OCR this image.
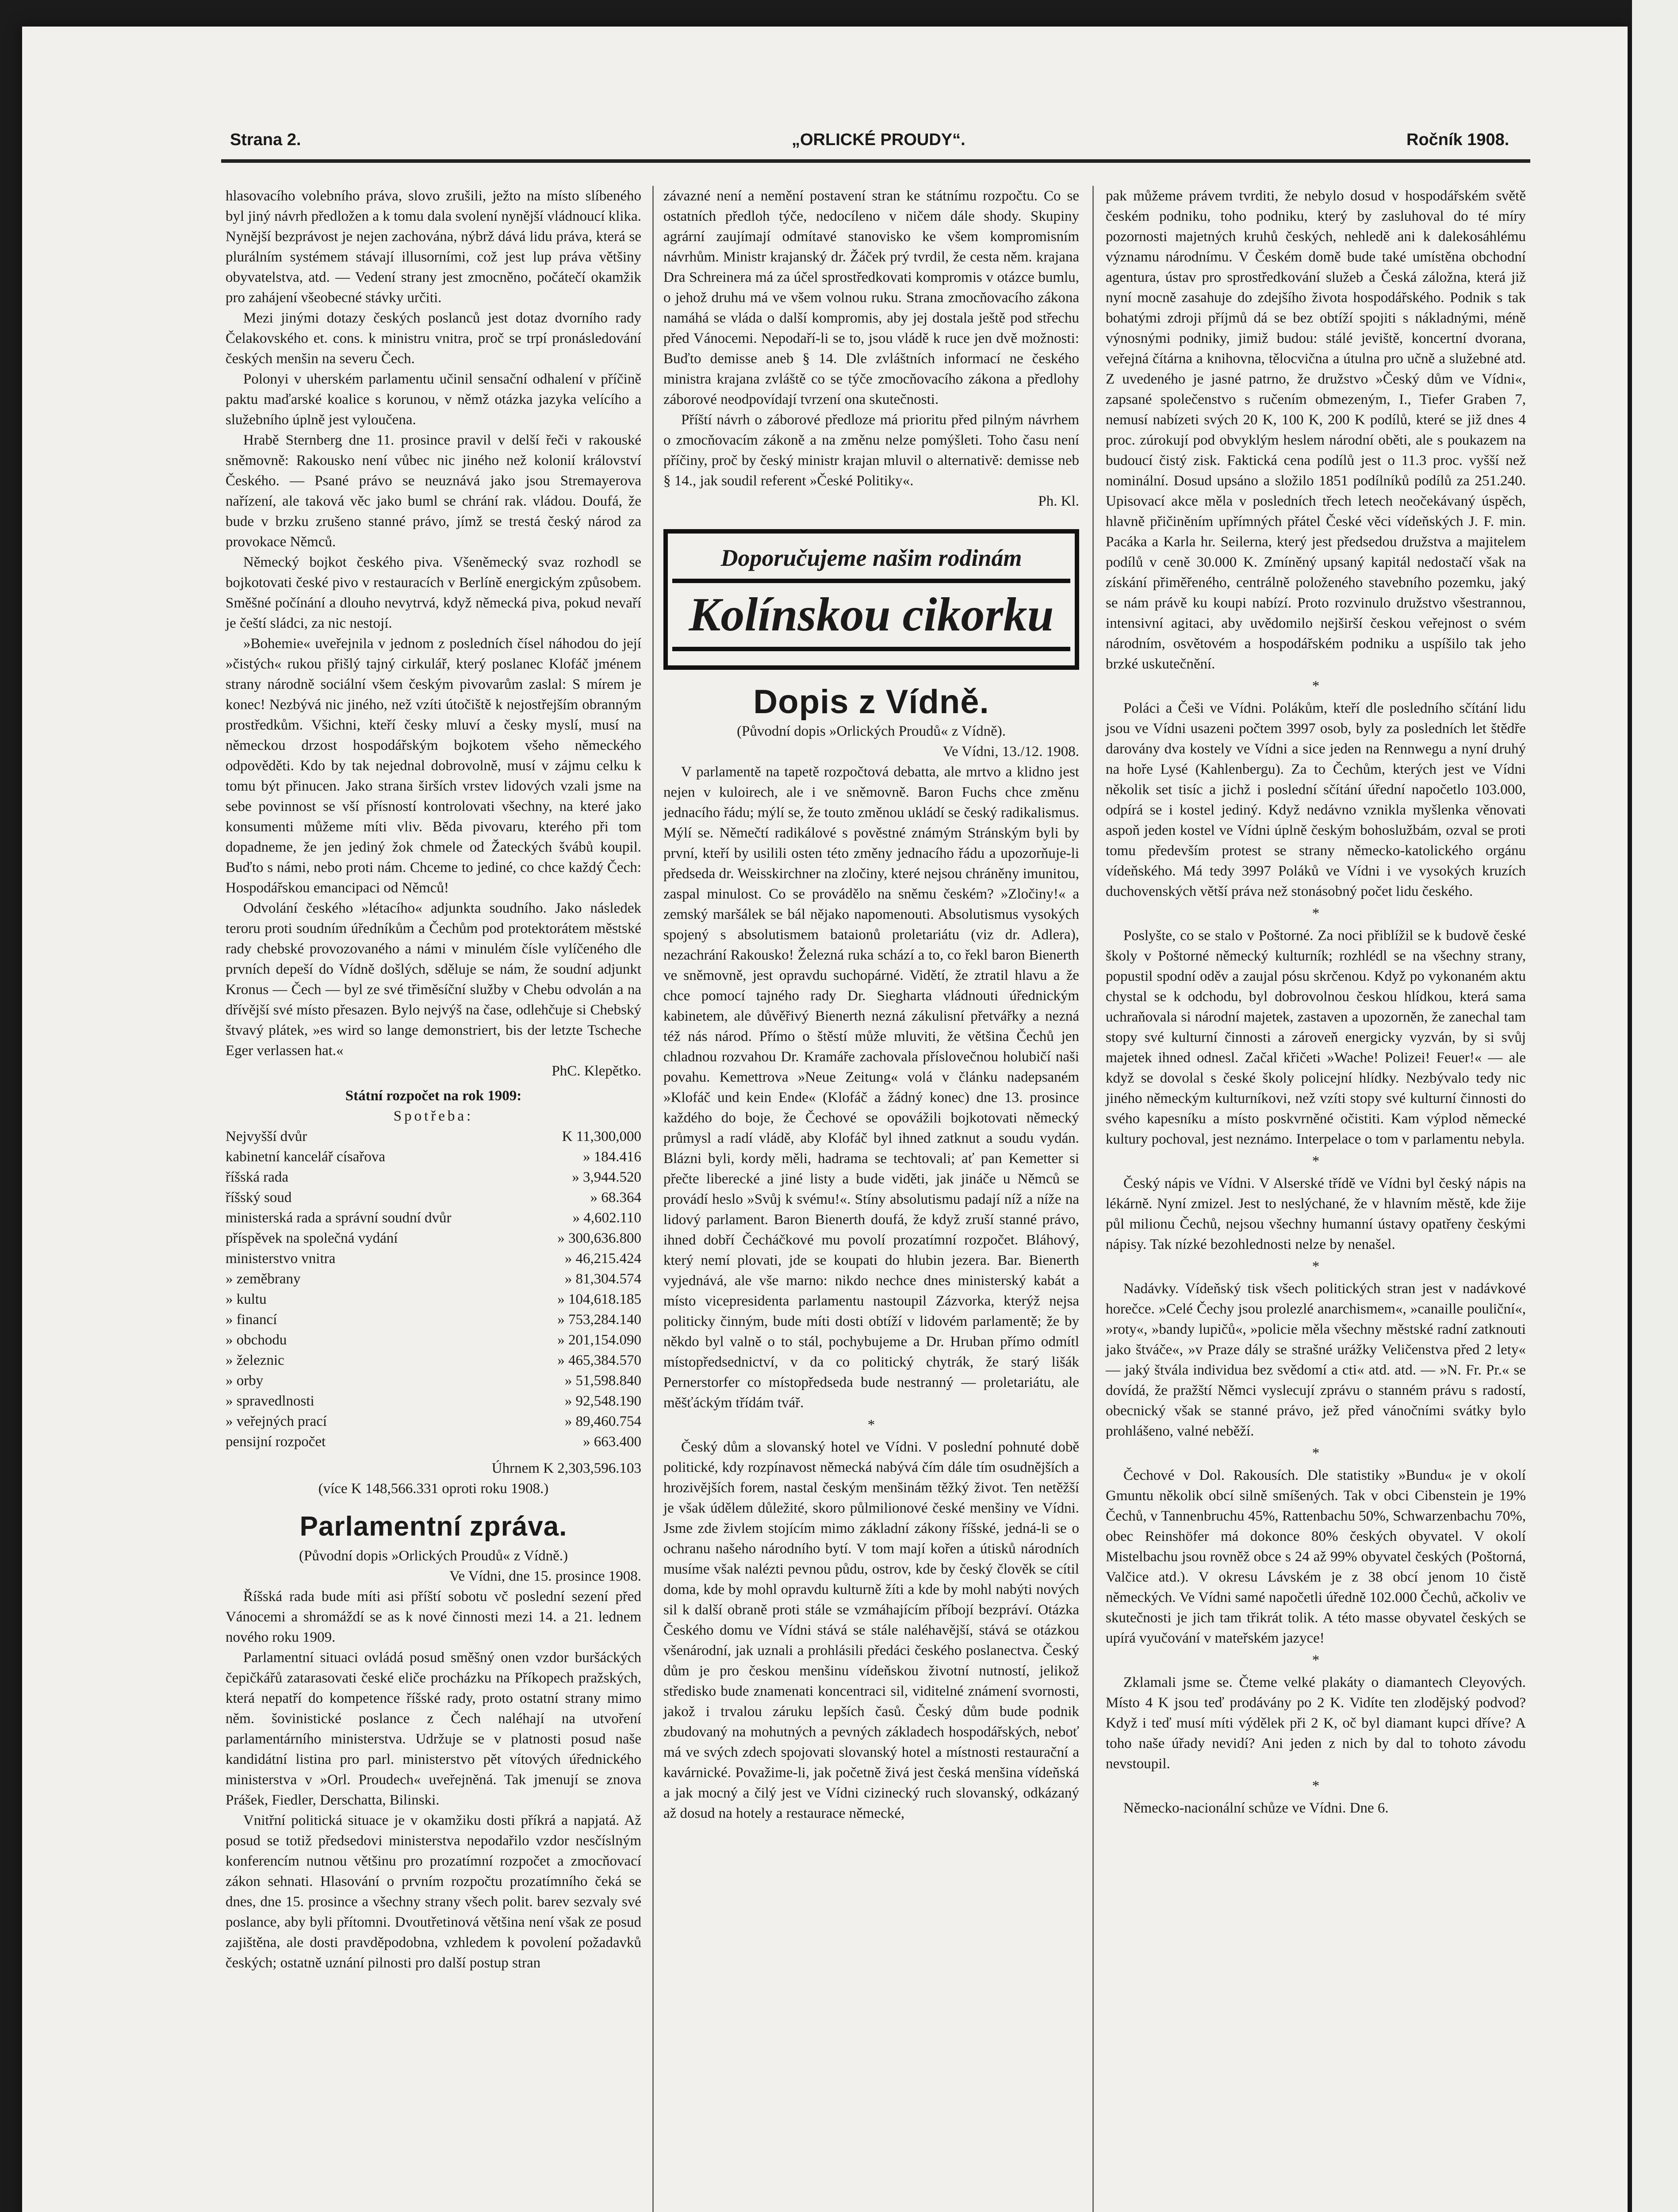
Strana 2.	„ORLICKÉ PROUDY“.	Ročník 1908.

hlasovacího volebního práva, slovo zrušili, ježto na místo slíbeného byl jiný návrh předložen a k tomu dala svolení nynější vládnoucí klika. Nynější bezprávost je nejen zachována, nýbrž dává lidu práva, která se plurálním systémem stávají illusorními, což jest lup práva většiny obyvatelstva, atd. — Vedení strany jest zmocněno, počátečí okamžik pro zahájení všeobecné stávky určiti.

Mezi jinými dotazy českých poslanců jest dotaz dvorního rady Čelakovského et. cons. k ministru vnitra, proč se trpí pronásledování českých menšin na severu Čech.

Polonyi v uherském parlamentu učinil sensační odhalení v příčině paktu maďarské koalice s korunou, v němž otázka jazyka velícího a služebního úplně jest vyloučena.

Hrabě Sternberg dne 11. prosince pravil v delší řeči v rakouské sněmovně: Rakousko není vůbec nic jiného než kolonií království Českého. — Psané právo se neuznává jako jsou Stremayerova nařízení, ale taková věc jako buml se chrání rak. vládou. Doufá, že bude v brzku zrušeno stanné právo, jímž se trestá český národ za provokace Němců.

Německý bojkot českého piva. Všeněmecký svaz rozhodl se bojkotovati české pivo v restauracích v Berlíně energickým způsobem. Směšné počínání a dlouho nevytrvá, když německá piva, pokud nevaří je čeští sládci, za nic nestojí.

»Bohemie« uveřejnila v jednom z posledních čísel náhodou do její »čistých« rukou přišlý tajný cirkulář, který poslanec Klofáč jménem strany národně sociální všem českým pivovarům zaslal: S mírem je konec! Nezbývá nic jiného, než vzíti útočiště k nejostřejším obranným prostředkům. Všichni, kteří česky mluví a česky myslí, musí na německou drzost hospodářským bojkotem všeho německého odpověděti. Kdo by tak nejednal dobrovolně, musí v zájmu celku k tomu být přinucen. Jako strana širších vrstev lidových vzali jsme na sebe povinnost se vší přísností kontrolovati všechny, na které jako konsumenti můžeme míti vliv. Běda pivovaru, kterého při tom dopadneme, že jen jediný žok chmele od Žateckých švábů koupil. Buďto s námi, nebo proti nám. Chceme to jediné, co chce každý Čech: Hospodářskou emancipaci od Němců!

Odvolání českého »létacího« adjunkta soudního. Jako následek teroru proti soudním úředníkům a Čechům pod protektorátem městské rady chebské provozovaného a námi v minulém čísle vylíčeného dle prvních depeší do Vídně došlých, sděluje se nám, že soudní adjunkt Kronus — Čech — byl ze své třiměsíční služby v Chebu odvolán a na dřívější své místo přesazen. Bylo nejvýš na čase, odlehčuje si Chebský štvavý plátek, »es wird so lange demonstriert, bis der letzte Tscheche Eger verlassen hat.«

PhC. Klepětko.
Státní rozpočet na rok 1909:
Spotřeba:
Nejvyšší dvůr	K 11,300,000
kabinetní kancelář císařova	» 184.416
říšská rada	» 3,944.520
říšský soud	» 68.364
ministerská rada a správní soudní dvůr	» 4,602.110
příspěvek na společná vydání	» 300,636.800
ministerstvo vnitra	» 46,215.424
» zeměbrany	» 81,304.574
» kultu	» 104,618.185
» financí	» 753,284.140
» obchodu	» 201,154.090
» železnic	» 465,384.570
» orby	» 51,598.840
» spravedlnosti	» 92,548.190
» veřejných prací	» 89,460.754
pensijní rozpočet	» 663.400
Úhrnem K 2,303,596.103
(více K 148,566.331 oproti roku 1908.)
Parlamentní zpráva.
(Původní dopis »Orlických Proudů« z Vídně.)
Ve Vídni, dne 15. prosince 1908.

Říšská rada bude míti asi příští sobotu vč poslední sezení před Vánocemi a shromáždí se as k nové činnosti mezi 14. a 21. lednem nového roku 1909.

Parlamentní situaci ovládá posud směšný onen vzdor buršáckých čepičkářů zatarasovati české eliče procházku na Příkopech pražských, která nepatří do kompetence říšské rady, proto ostatní strany mimo něm. šovinistické poslance z Čech naléhají na utvoření parlamentárního ministerstva. Udržuje se v platnosti posud naše kandidátní listina pro parl. ministerstvo pět vítových úřednického ministerstva v »Orl. Proudech« uveřejněná. Tak jmenují se znova Prášek, Fiedler, Derschatta, Bilinski.

Vnitřní politická situace je v okamžiku dosti příkrá a napjatá. Až posud se totiž předsedovi ministerstva nepodařilo vzdor nesčíslným konferencím nutnou většinu pro prozatímní rozpočet a zmocňovací zákon sehnati. Hlasování o prvním rozpočtu prozatímního čeká se dnes, dne 15. prosince a všechny strany všech polit. barev sezvaly své poslance, aby byli přítomni. Dvoutřetinová většina není však ze posud zajištěna, ale dosti pravděpodobna, vzhledem k povolení požadavků českých; ostatně uznání pilnosti pro další postup stran

závazné není a nemění postavení stran ke státnímu rozpočtu. Co se ostatních předloh týče, nedocíleno v ničem dále shody. Skupiny agrární zaujímají odmítavé stanovisko ke všem kompromisním návrhům. Ministr krajanský dr. Žáček prý tvrdil, že cesta něm. krajana Dra Schreinera má za účel sprostředkovati kompromis v otázce bumlu, o jehož druhu má ve všem volnou ruku. Strana zmocňovacího zákona namáhá se vláda o další kompromis, aby jej dostala ještě pod střechu před Vánocemi. Nepodaří-li se to, jsou vládě k ruce jen dvě možnosti: Buďto demisse aneb § 14. Dle zvláštních informací ne českého ministra krajana zvláště co se týče zmocňovacího zákona a předlohy záborové neodpovídají tvrzení ona skutečnosti.

Příští návrh o záborové předloze má prioritu před pilným návrhem o zmocňovacím zákoně a na změnu nelze pomýšleti. Toho času není příčiny, proč by český ministr krajan mluvil o alternativě: demisse neb § 14., jak soudil referent »České Politiky«.

Ph. Kl.
Doporučujeme našim rodinám
Kolínskou cikorku
Dopis z Vídně.
(Původní dopis »Orlických Proudů« z Vídně).
Ve Vídni, 13./12. 1908.

V parlamentě na tapetě rozpočtová debatta, ale mrtvo a klidno jest nejen v kuloirech, ale i ve sněmovně. Baron Fuchs chce změnu jednacího řádu; mýlí se, že touto změnou ukládí se český radikalismus. Mýlí se. Němečtí radikálové s pověstné známým Stránským byli by první, kteří by usilili osten této změny jednacího řádu a upozorňuje-li předseda dr. Weisskirchner na zločiny, které nejsou chráněny imunitou, zaspal minulost. Co se provádělo na sněmu českém? »Zločiny!« a zemský maršálek se bál nějako napomenouti. Absolutismus vysokých spojený s absolutismem bataionů proletariátu (viz dr. Adlera), nezachrání Rakousko! Železná ruka schází a to, co řekl baron Bienerth ve sněmovně, jest opravdu suchopárné. Vidětí, že ztratil hlavu a že chce pomocí tajného rady Dr. Siegharta vládnouti úřednickým kabinetem, ale důvěřivý Bienerth nezná zákulisní přetvářky a nezná též nás národ. Přímo o štěstí může mluviti, že většina Čechů jen chladnou rozvahou Dr. Kramáře zachovala příslovečnou holubičí naši povahu. Kemettrova »Neue Zeitung« volá v článku nadepsaném »Klofáč und kein Ende« (Klofáč a žádný konec) dne 13. prosince každého do boje, že Čechové se opovážili bojkotovati německý průmysl a radí vládě, aby Klofáč byl ihned zatknut a soudu vydán. Blázni byli, kordy měli, hadrama se techtovali; ať pan Kemetter si přečte liberecké a jiné listy a bude viděti, jak jináče u Němců se provádí heslo »Svůj k svému!«. Stíny absolutismu padají níž a níže na lidový parlament. Baron Bienerth doufá, že když zruší stanné právo, ihned dobří Čecháčkové mu povolí prozatímní rozpočet. Bláhový, který nemí plovati, jde se koupati do hlubin jezera. Bar. Bienerth vyjednává, ale vše marno: nikdo nechce dnes ministerský kabát a místo vicepresidenta parlamentu nastoupil Zázvorka, kterýž nejsa politicky činným, bude míti dosti obtíží v lidovém parlamentě; že by někdo byl valně o to stál, pochybujeme a Dr. Hruban přímo odmítl místopředsednictví, v da co politický chytrák, že starý lišák Pernerstorfer co místopředseda bude nestranný — proletariátu, ale měšťáckým třídám tvář.

*

Český dům a slovanský hotel ve Vídni. V poslední pohnuté době politické, kdy rozpínavost německá nabývá čím dále tím osudnějších a hrozivějších forem, nastal českým menšinám těžký život. Ten netěžší je však údělem důležité, skoro půlmilionové české menšiny ve Vídni. Jsme zde živlem stojícím mimo základní zákony říšské, jedná-li se o ochranu našeho národního bytí. V tom mají kořen a útisků národních musíme však nalézti pevnou půdu, ostrov, kde by český člověk se cítil doma, kde by mohl opravdu kulturně žíti a kde by mohl nabýti nových sil k další obraně proti stále se vzmáhajícím příbojí bezpráví. Otázka Českého domu ve Vídni stává se stále naléhavější, stává se otázkou všenárodní, jak uznali a prohlásili předáci českého poslanectva. Český dům je pro českou menšinu vídeňskou životní nutností, jelikož středisko bude znamenati koncentraci sil, viditelné známení svornosti, jakož i trvalou záruku lepších časů. Český dům bude podnik zbudovaný na mohutných a pevných základech hospodářských, neboť má ve svých zdech spojovati slovanský hotel a místnosti restaurační a kavárnické. Považime-li, jak početně živá jest česká menšina vídeňská a jak mocný a čilý jest ve Vídni cizinecký ruch slovanský, odkázaný až dosud na hotely a restaurace německé,

pak můžeme právem tvrditi, že nebylo dosud v hospodářském světě českém podniku, toho podniku, který by zasluhoval do té míry pozornosti majetných kruhů českých, nehledě ani k dalekosáhlému významu národnímu. V Českém domě bude také umístěna obchodní agentura, ústav pro sprostředkování služeb a Česká záložna, která již nyní mocně zasahuje do zdejšího života hospodářského. Podnik s tak bohatými zdroji příjmů dá se bez obtíží spojiti s nákladnými, méně výnosnými podniky, jimiž budou: stálé jeviště, koncertní dvorana, veřejná čítárna a knihovna, tělocvična a útulna pro učně a služebné atd. Z uvedeného je jasné patrno, že družstvo »Český dům ve Vídni«, zapsané společenstvo s ručením obmezeným, I., Tiefer Graben 7, nemusí nabízeti svých 20 K, 100 K, 200 K podílů, které se již dnes 4 proc. zúrokují pod obvyklým heslem národní oběti, ale s poukazem na budoucí čistý zisk. Faktická cena podílů jest o 11.3 proc. vyšší než nominální. Dosud upsáno a složilo 1851 podílníků podílů za 251.240. Upisovací akce měla v posledních třech letech neočekávaný úspěch, hlavně přičiněním upřímných přátel České věci vídeňských J. F. min. Pacáka a Karla hr. Seilerna, který jest předsedou družstva a majitelem podílů v ceně 30.000 K. Zmíněný upsaný kapitál nedostačí však na získání přiměřeného, centrálně položeného stavebního pozemku, jaký se nám právě ku koupi nabízí. Proto rozvinulo družstvo všestrannou, intensivní agitaci, aby uvědomilo nejširší českou veřejnost o svém národním, osvětovém a hospodářském podniku a uspíšilo tak jeho brzké uskutečnění.

*

Poláci a Češi ve Vídni. Polákům, kteří dle posledního sčítání lidu jsou ve Vídni usazeni počtem 3997 osob, byly za posledních let štědře darovány dva kostely ve Vídni a sice jeden na Rennwegu a nyní druhý na hoře Lysé (Kahlenbergu). Za to Čechům, kterých jest ve Vídni několik set tisíc a jichž i poslední sčítání úřední napočetlo 103.000, odpírá se i kostel jediný. Když nedávno vznikla myšlenka věnovati aspoň jeden kostel ve Vídni úplně českým bohoslužbám, ozval se proti tomu především protest se strany německo-katolického orgánu vídeňského. Má tedy 3997 Poláků ve Vídni i ve vysokých kruzích duchovenských větší práva než stonásobný počet lidu českého.

*

Poslyšte, co se stalo v Poštorné. Za noci přiblížil se k budově české školy v Poštorné německý kulturník; rozhlédl se na všechny strany, popustil spodní oděv a zaujal pósu skrčenou. Když po vykonaném aktu chystal se k odchodu, byl dobrovolnou českou hlídkou, která sama uchraňovala si národní majetek, zastaven a upozorněn, že zanechal tam stopy své kulturní činnosti a zároveň energicky vyzván, by si svůj majetek ihned odnesl. Začal křičeti »Wache! Polizei! Feuer!« — ale když se dovolal s české školy policejní hlídky. Nezbývalo tedy nic jiného německým kulturníkovi, než vzíti stopy své kulturní činnosti do svého kapesníku a místo poskvrněné očistiti. Kam výplod německé kultury pochoval, jest neznámo. Interpelace o tom v parlamentu nebyla.

*

Český nápis ve Vídni. V Alserské třídě ve Vídni byl český nápis na lékárně. Nyní zmizel. Jest to neslýchané, že v hlavním městě, kde žije půl milionu Čechů, nejsou všechny humanní ústavy opatřeny českými nápisy. Tak nízké bezohlednosti nelze by nenašel.

*

Nadávky. Vídeňský tisk všech politických stran jest v nadávkové horečce. »Celé Čechy jsou prolezlé anarchismem«, »canaille pouliční«, »roty«, »bandy lupičů«, »policie měla všechny městské radní zatknouti jako štváče«, »v Praze dály se strašné urážky Veličenstva před 2 lety« — jaký štvála individua bez svědomí a cti« atd. atd. — »N. Fr. Pr.« se dovídá, že pražští Němci vyslecují zprávu o stanném právu s radostí, obecnický však se stanné právo, jež před vánočními svátky bylo prohlášeno, valné neběží.

*

Čechové v Dol. Rakousích. Dle statistiky »Bundu« je v okolí Gmuntu několik obcí silně smíšených. Tak v obci Cibenstein je 19% Čechů, v Tannenbruchu 45%, Rattenbachu 50%, Schwarzenbachu 70%, obec Reinshöfer má dokonce 80% českých obyvatel. V okolí Mistelbachu jsou rovněž obce s 24 až 99% obyvatel českých (Poštorná, Valčice atd.). V okresu Lávském je z 38 obcí jenom 10 čistě německých. Ve Vídni samé napočetli úředně 102.000 Čechů, ačkoliv ve skutečnosti je jich tam třikrát tolik. A této masse obyvatel českých se upírá vyučování v mateřském jazyce!

*

Zklamali jsme se. Čteme velké plakáty o diamantech Cleyových. Místo 4 K jsou teď prodávány po 2 K. Vidíte ten zlodějský podvod? Když i teď musí míti výdělek při 2 K, oč byl diamant kupci dříve? A toho naše úřady nevidí? Ani jeden z nich by dal to tohoto závodu nevstoupil.

*

Německo-nacionální schůze ve Vídni. Dne 6.
